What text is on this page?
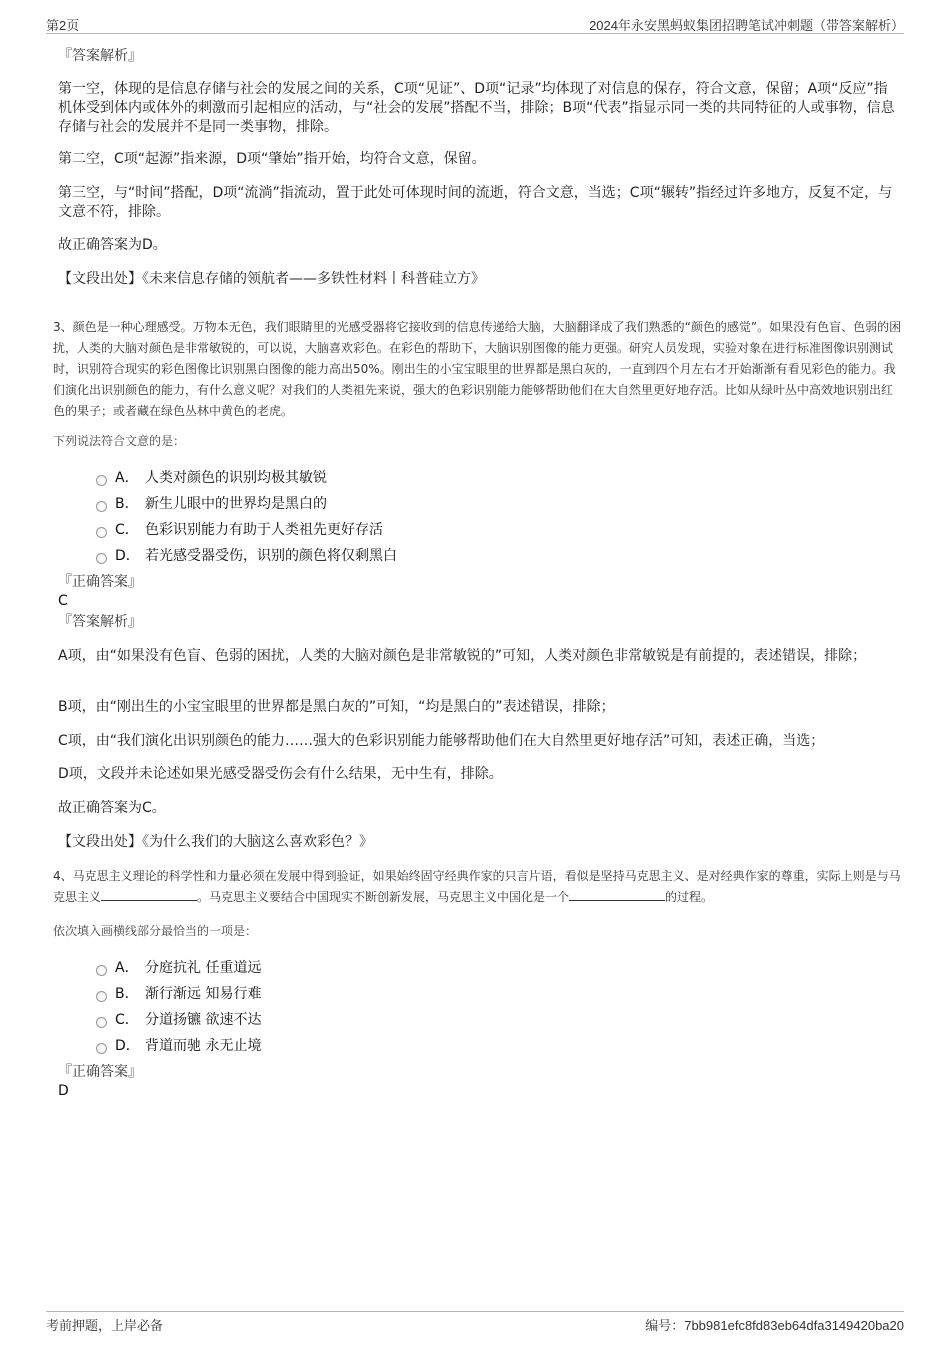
第2页	2024年永安黑蚂蚁集团招聘笔试冲刺题（带答案解析）
『答案解析』
第一空，体现的是信息存储与社会的发展之间的关系，C项“见证”、D项“记录”均体现了对信息的保存，符合文意，保留；A项“反应”指机体受到体内或体外的刺激而引起相应的活动，与“社会的发展”搭配不当，排除；B项“代表”指显示同一类的共同特征的人或事物，信息存储与社会的发展并不是同一类事物，排除。
第二空，C项“起源”指来源，D项“肇始”指开始，均符合文意，保留。
第三空，与“时间”搭配，D项“流淌”指流动，置于此处可体现时间的流逝，符合文意，当选；C项“辗转”指经过许多地方，反复不定，与文意不符，排除。
故正确答案为D。
【文段出处】《未来信息存储的领航者——多铁性材料丨科普硅立方》
3、颜色是一种心理感受。万物本无色，我们眼睛里的光感受器将它接收到的信息传递给大脑，大脑翻译成了我们熟悉的“颜色的感觉”。如果没有色盲、色弱的困扰，人类的大脑对颜色是非常敏锐的，可以说，大脑喜欢彩色。在彩色的帮助下，大脑识别图像的能力更强。研究人员发现，实验对象在进行标准图像识别测试时，识别符合现实的彩色图像比识别黑白图像的能力高出50%。刚出生的小宝宝眼里的世界都是黑白灰的，一直到四个月左右才开始渐渐有看见彩色的能力。我们演化出识别颜色的能力，有什么意义呢？对我们的人类祖先来说，强大的色彩识别能力能够帮助他们在大自然里更好地存活。比如从绿叶丛中高效地识别出红色的果子；或者藏在绿色丛林中黄色的老虎。
下列说法符合文意的是：
A． 人类对颜色的识别均极其敏锐
B． 新生儿眼中的世界均是黑白的
C． 色彩识别能力有助于人类祖先更好存活
D． 若光感受器受伤，识别的颜色将仅剩黑白
『正确答案』
C
『答案解析』
A项，由“如果没有色盲、色弱的困扰，人类的大脑对颜色是非常敏锐的”可知，人类对颜色非常敏锐是有前提的，表述错误，排除；
B项，由“刚出生的小宝宝眼里的世界都是黑白灰的”可知，“均是黑白的”表述错误，排除；
C项，由“我们演化出识别颜色的能力……强大的色彩识别能力能够帮助他们在大自然里更好地存活”可知，表述正确，当选；
D项，文段并未论述如果光感受器受伤会有什么结果，无中生有，排除。
故正确答案为C。
【文段出处】《为什么我们的大脑这么喜欢彩色？》
4、马克思主义理论的科学性和力量必须在发展中得到验证，如果始终固守经典作家的只言片语，看似是坚持马克思主义、是对经典作家的尊重，实际上则是与马克思主义	。马克思主义要结合中国现实不断创新发展，马克思主义中国化是一个	的过程。
依次填入画横线部分最恰当的一项是：
A． 分庭抗礼 任重道远
B． 渐行渐远 知易行难
C． 分道扬镳 欲速不达
D． 背道而驰 永无止境
『正确答案』
D
考前押题，上岸必备	编号：7bb981efc8fd83eb64dfa3149420ba20
